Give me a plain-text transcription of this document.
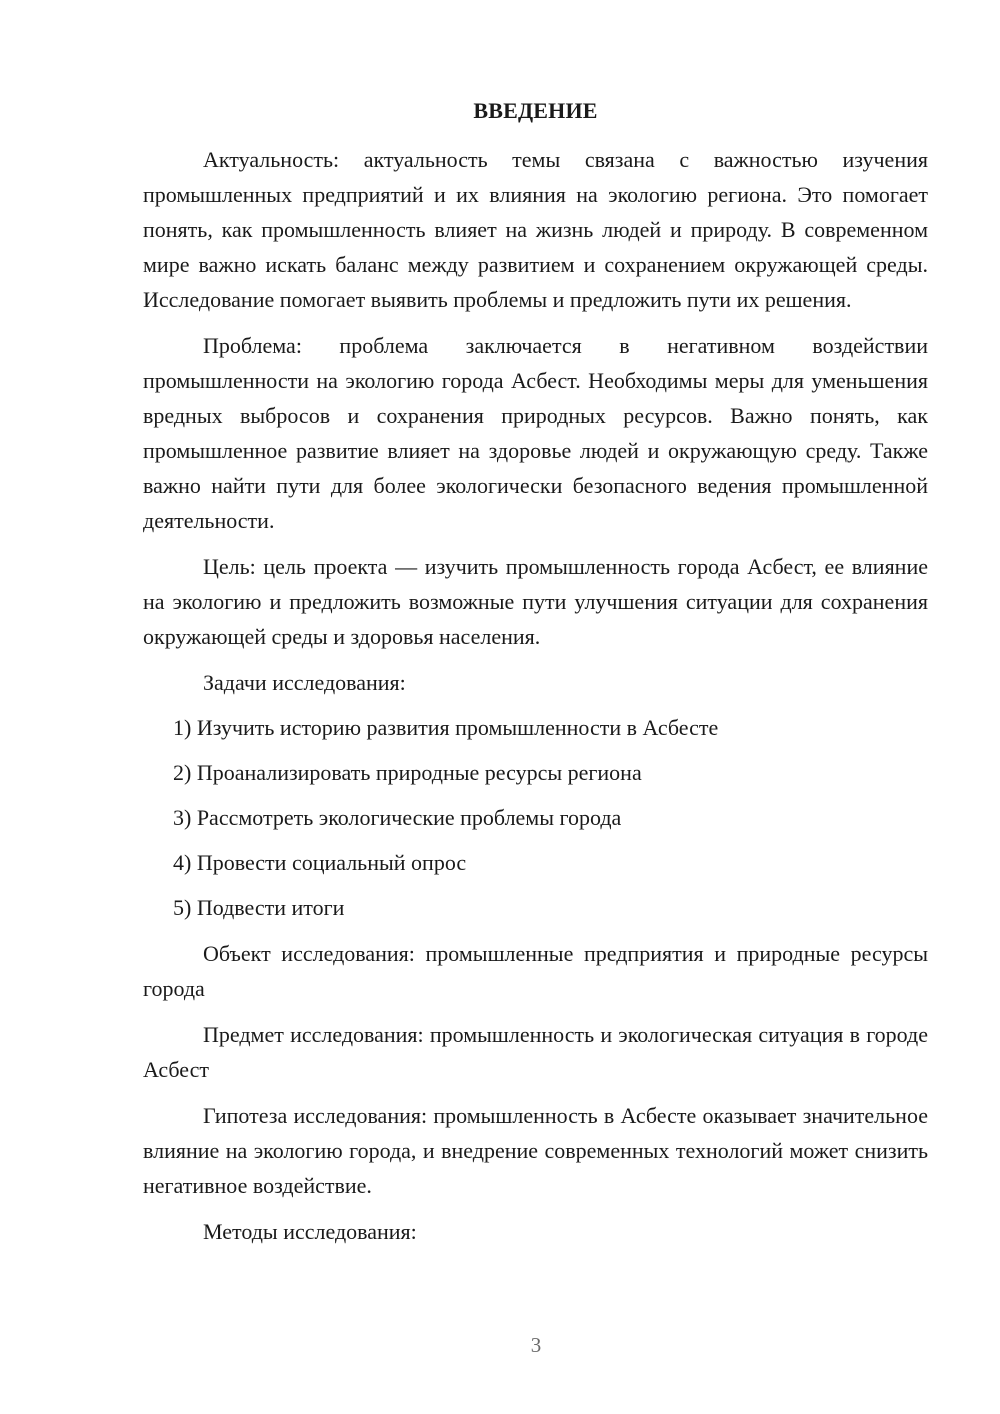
ВВЕДЕНИЕ

Актуальность: актуальность темы связана с важностью изучения промышленных предприятий и их влияния на экологию региона. Это помогает понять, как промышленность влияет на жизнь людей и природу. В современном мире важно искать баланс между развитием и сохранением окружающей среды. Исследование помогает выявить проблемы и предложить пути их решения.

Проблема: проблема заключается в негативном воздействии промышленности на экологию города Асбест. Необходимы меры для уменьшения вредных выбросов и сохранения природных ресурсов. Важно понять, как промышленное развитие влияет на здоровье людей и окружающую среду. Также важно найти пути для более экологически безопасного ведения промышленной деятельности.

Цель: цель проекта — изучить промышленность города Асбест, ее влияние на экологию и предложить возможные пути улучшения ситуации для сохранения окружающей среды и здоровья населения.

Задачи исследования:

1) Изучить историю развития промышленности в Асбесте

2) Проанализировать природные ресурсы региона

3) Рассмотреть экологические проблемы города

4) Провести социальный опрос

5) Подвести итоги

Объект исследования: промышленные предприятия и природные ресурсы города

Предмет исследования: промышленность и экологическая ситуация в городе Асбест

Гипотеза исследования: промышленность в Асбесте оказывает значительное влияние на экологию города, и внедрение современных технологий может снизить негативное воздействие.

Методы исследования:

3
